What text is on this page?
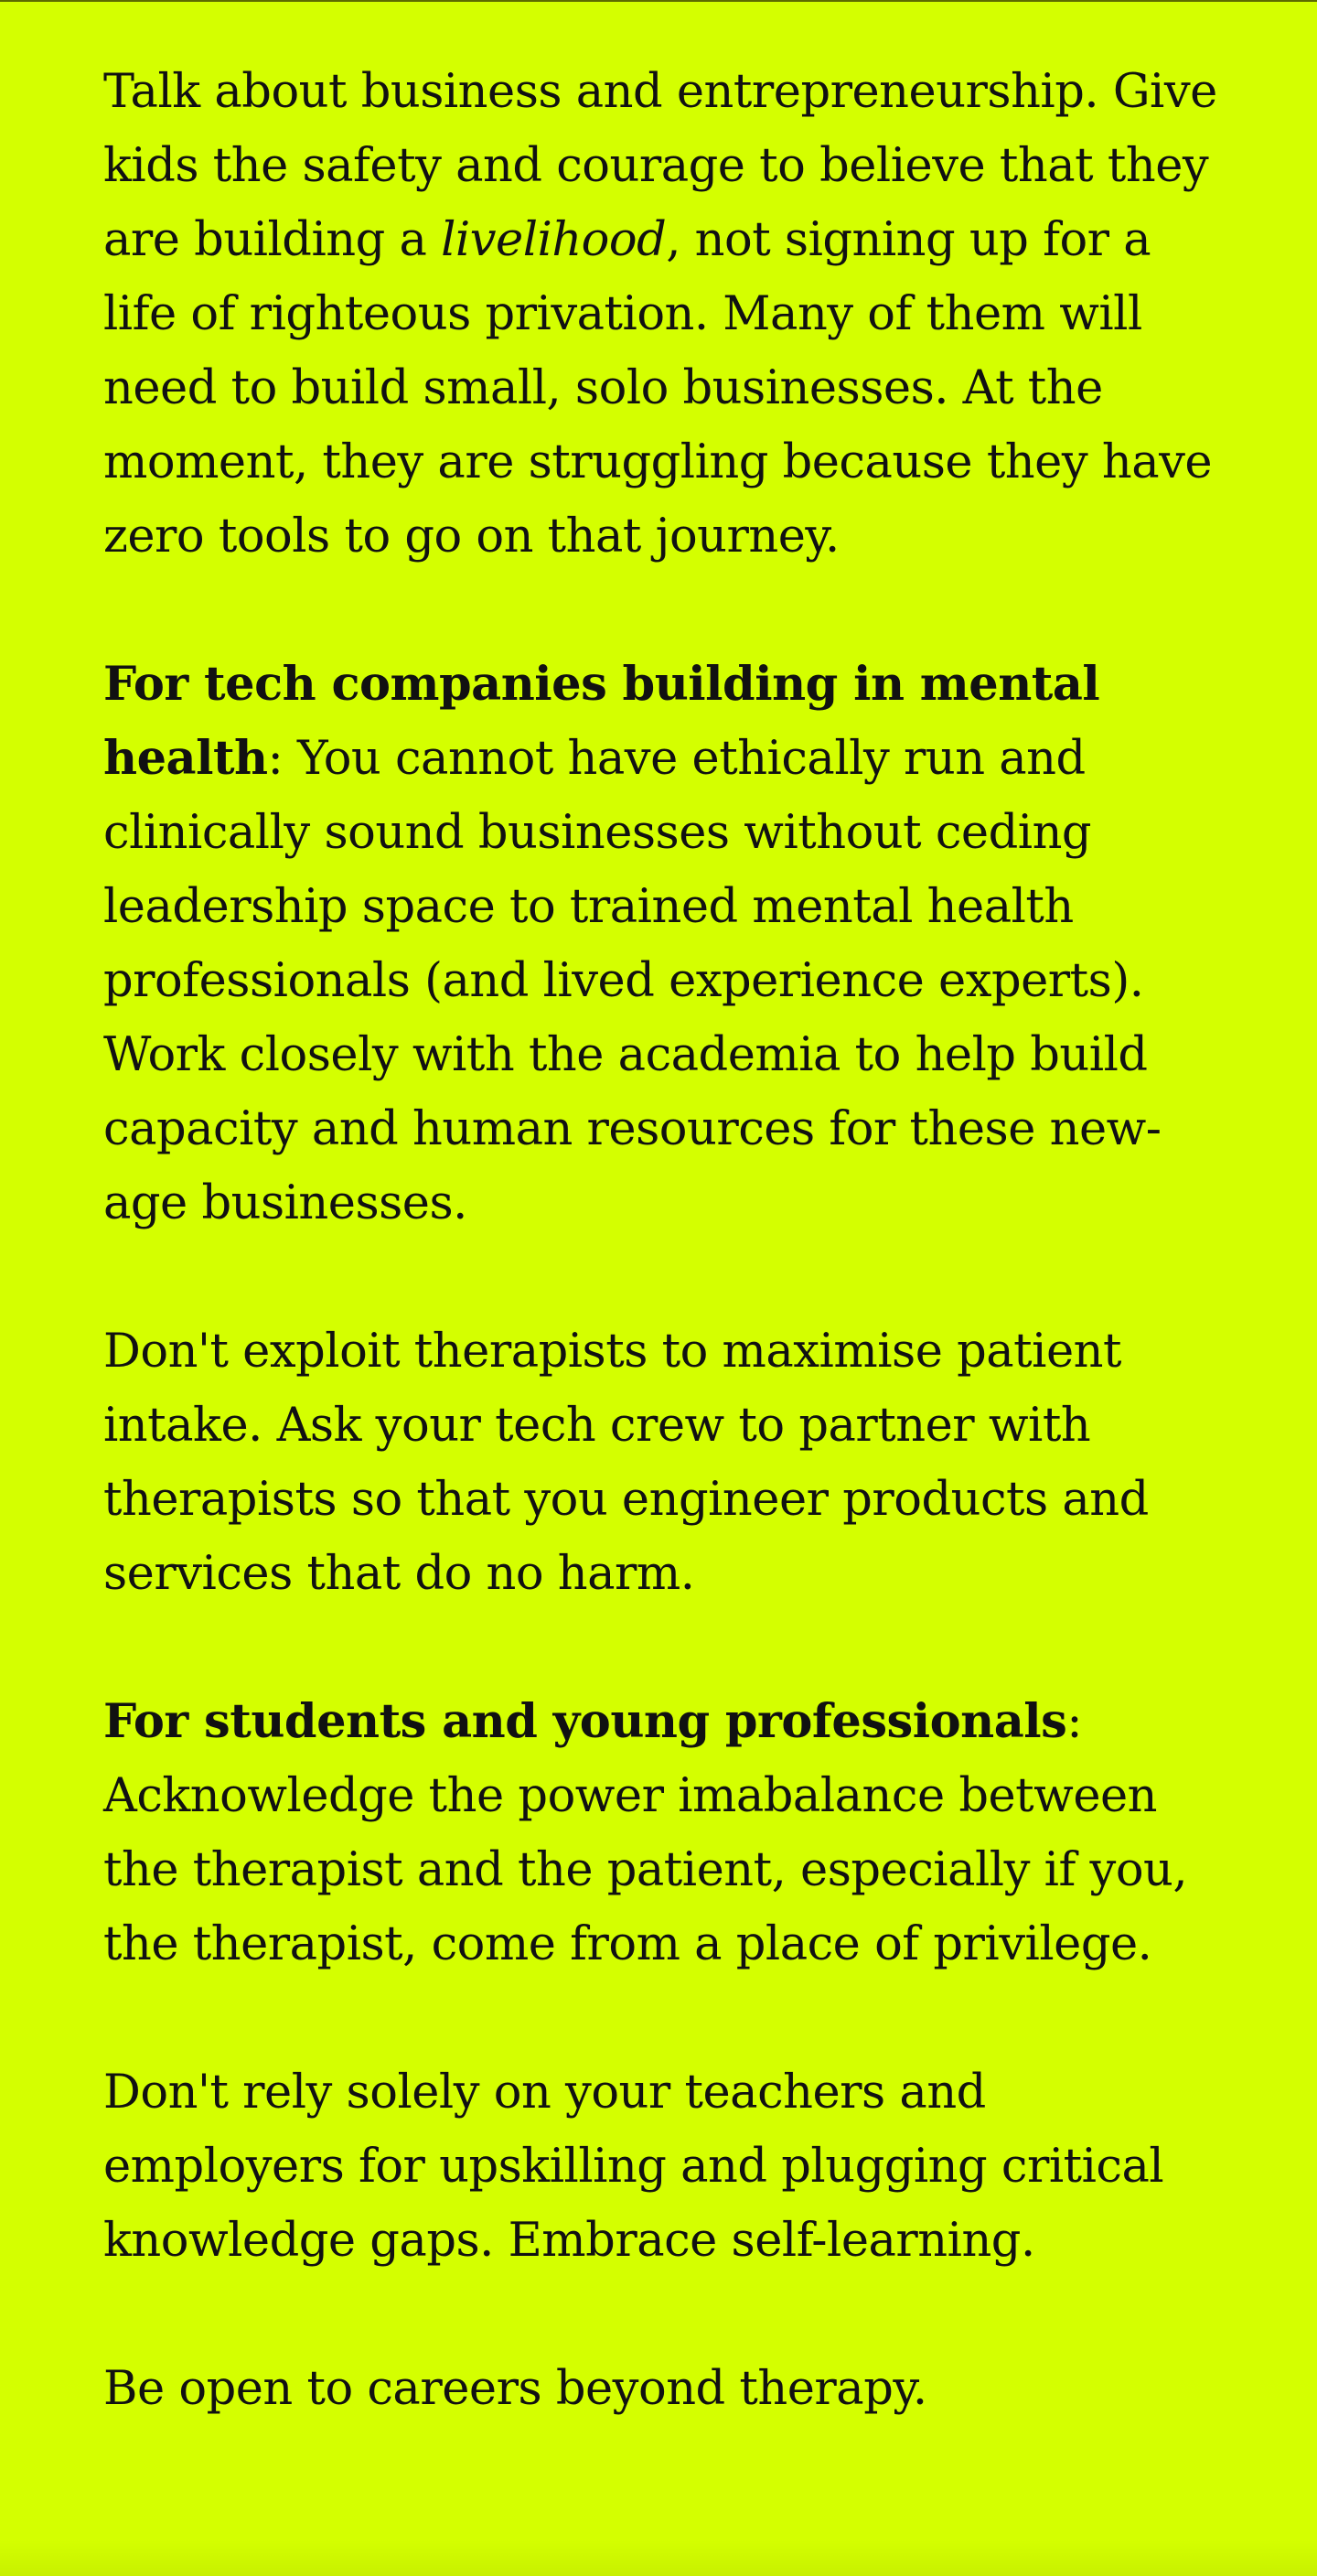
Talk about business and entrepreneurship. Give kids the safety and courage to believe that they are building a livelihood, not signing up for a life of righteous privation. Many of them will need to build small, solo businesses. At the moment, they are struggling because they have zero tools to go on that journey.

For tech companies building in mental health: You cannot have ethically run and clinically sound businesses without ceding leadership space to trained mental health professionals (and lived experience experts). Work closely with the academia to help build capacity and human resources for these new-age businesses.

Don't exploit therapists to maximise patient intake. Ask your tech crew to partner with therapists so that you engineer products and services that do no harm.

For students and young professionals: Acknowledge the power imabalance between the therapist and the patient, especially if you, the therapist, come from a place of privilege.

Don't rely solely on your teachers and employers for upskilling and plugging critical knowledge gaps. Embrace self-learning.

Be open to careers beyond therapy.
